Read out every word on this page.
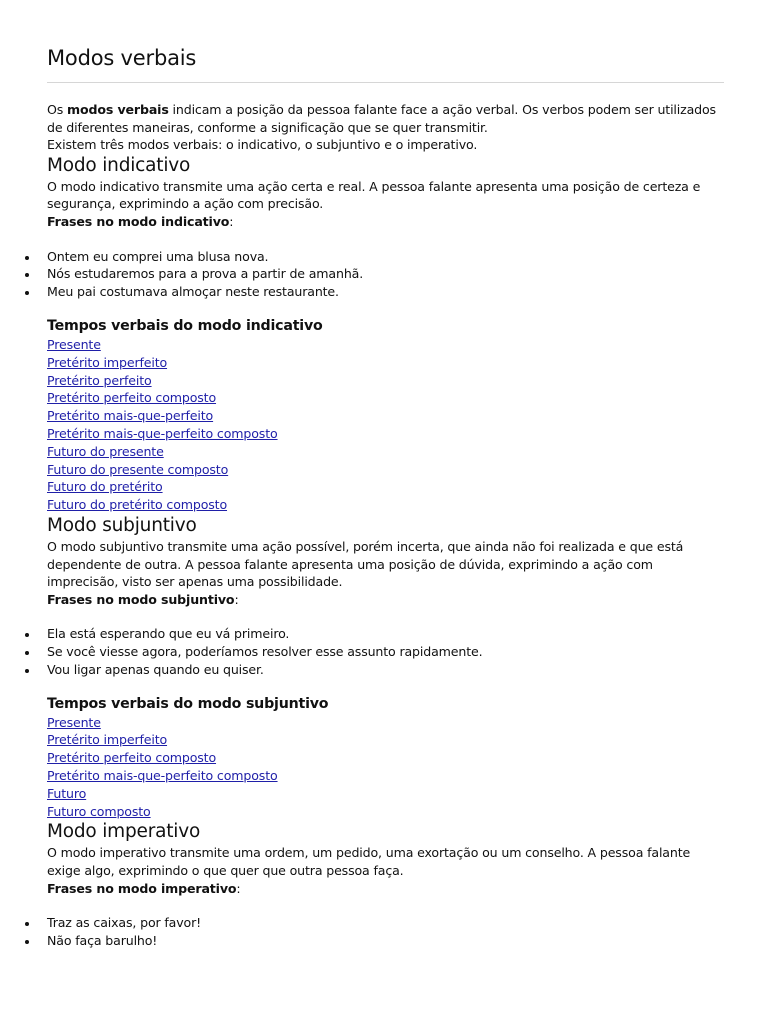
Modos verbais

Os modos verbais indicam a posição da pessoa falante face a ação verbal. Os verbos podem ser utilizados de diferentes maneiras, conforme a significação que se quer transmitir.

Existem três modos verbais: o indicativo, o subjuntivo e o imperativo.

Modo indicativo

O modo indicativo transmite uma ação certa e real. A pessoa falante apresenta uma posição de certeza e segurança, exprimindo a ação com precisão.

Frases no modo indicativo:

Ontem eu comprei uma blusa nova.
Nós estudaremos para a prova a partir de amanhã.
Meu pai costumava almoçar neste restaurante.
Tempos verbais do modo indicativo
Presente
Pretérito imperfeito
Pretérito perfeito
Pretérito perfeito composto
Pretérito mais-que-perfeito
Pretérito mais-que-perfeito composto
Futuro do presente
Futuro do presente composto
Futuro do pretérito
Futuro do pretérito composto
Modo subjuntivo

O modo subjuntivo transmite uma ação possível, porém incerta, que ainda não foi realizada e que está dependente de outra. A pessoa falante apresenta uma posição de dúvida, exprimindo a ação com imprecisão, visto ser apenas uma possibilidade.

Frases no modo subjuntivo:

Ela está esperando que eu vá primeiro.
Se você viesse agora, poderíamos resolver esse assunto rapidamente.
Vou ligar apenas quando eu quiser.
Tempos verbais do modo subjuntivo
Presente
Pretérito imperfeito
Pretérito perfeito composto
Pretérito mais-que-perfeito composto
Futuro
Futuro composto
Modo imperativo

O modo imperativo transmite uma ordem, um pedido, uma exortação ou um conselho. A pessoa falante exige algo, exprimindo o que quer que outra pessoa faça.

Frases no modo imperativo:

Traz as caixas, por favor!
Não faça barulho!
